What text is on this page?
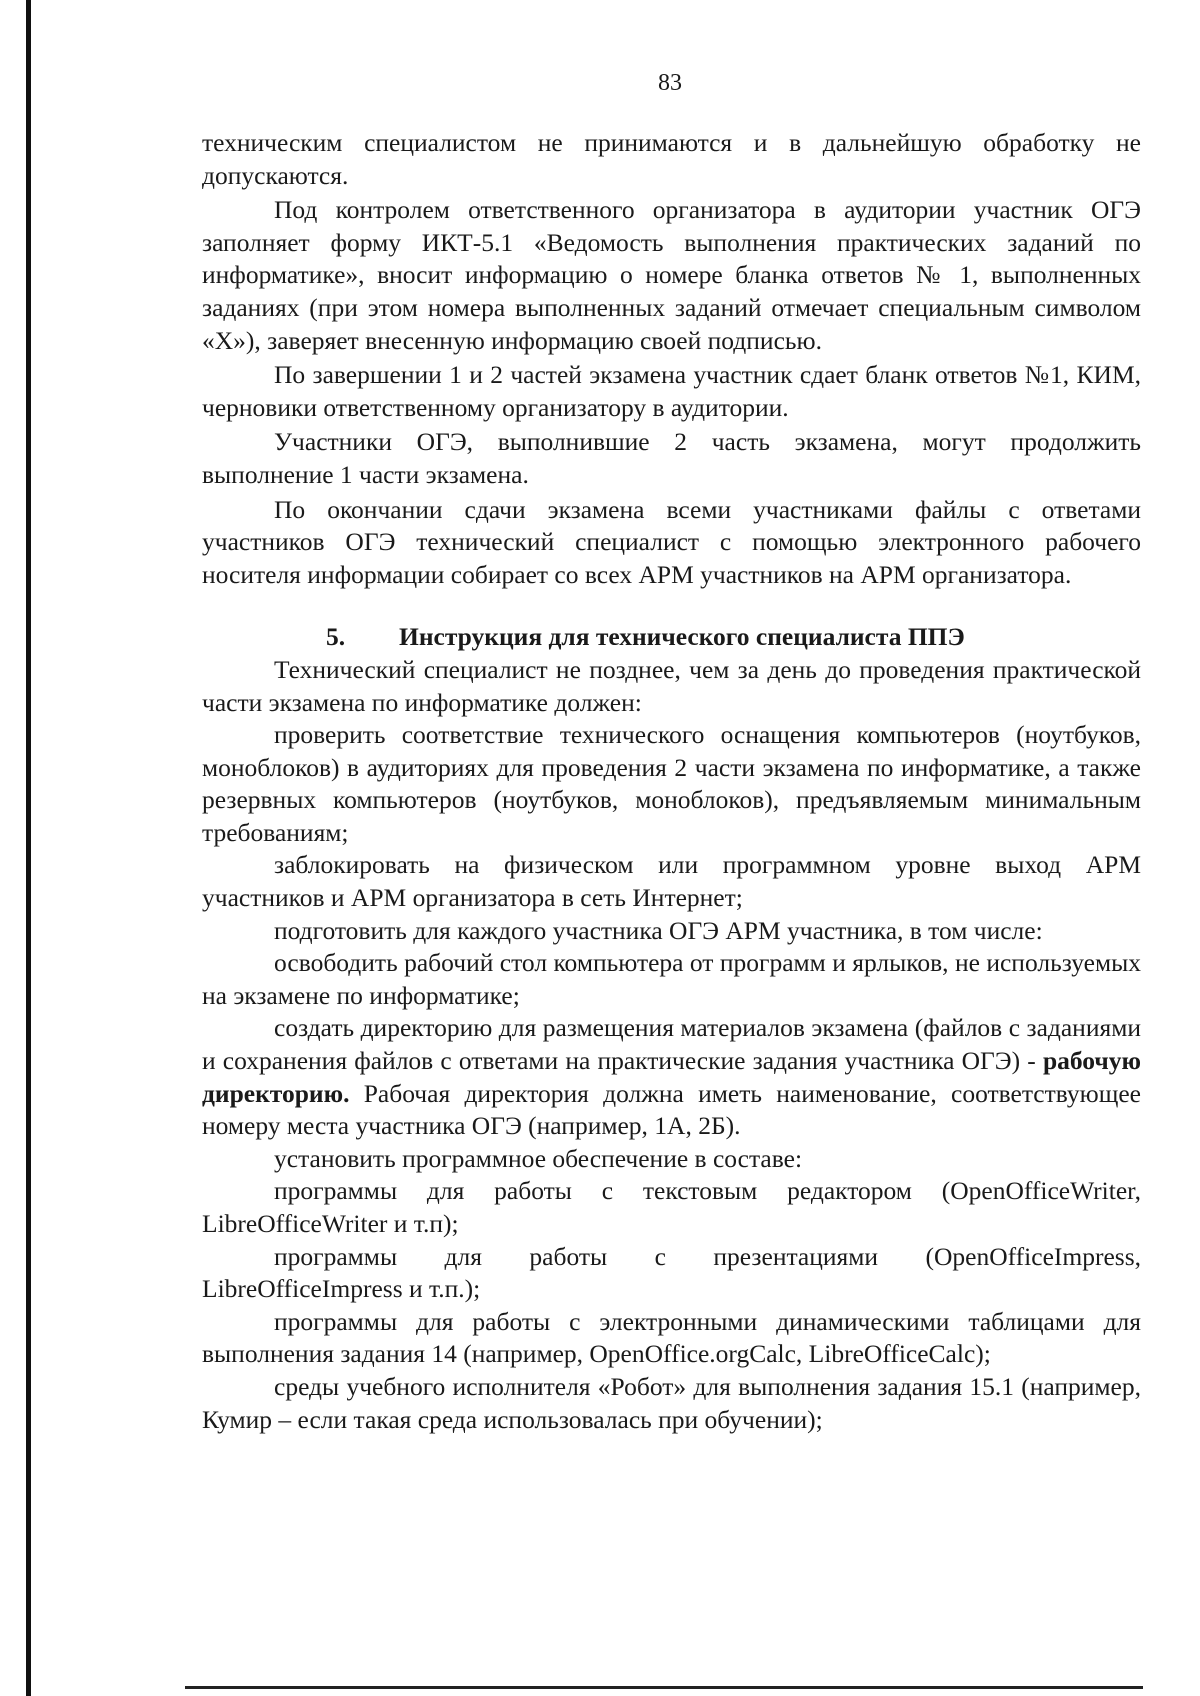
83

техническим специалистом не принимаются и в дальнейшую обработку не допускаются.

Под контролем ответственного организатора в аудитории участник ОГЭ заполняет форму ИКТ-5.1 «Ведомость выполнения практических заданий по информатике», вносит информацию о номере бланка ответов № 1, выполненных заданиях (при этом номера выполненных заданий отмечает специальным символом «X»), заверяет внесенную информацию своей подписью.

По завершении 1 и 2 частей экзамена участник сдает бланк ответов №1, КИМ, черновики ответственному организатору в аудитории.

Участники ОГЭ, выполнившие 2 часть экзамена, могут продолжить выполнение 1 части экзамена.

По окончании сдачи экзамена всеми участниками файлы с ответами участников ОГЭ технический специалист с помощью электронного рабочего носителя информации собирает со всех АРМ участников на АРМ организатора.

5. Инструкция для технического специалиста ППЭ

Технический специалист не позднее, чем за день до проведения практической части экзамена по информатике должен:

проверить соответствие технического оснащения компьютеров (ноутбуков, моноблоков) в аудиториях для проведения 2 части экзамена по информатике, а также резервных компьютеров (ноутбуков, моноблоков), предъявляемым минимальным требованиям;

заблокировать на физическом или программном уровне выход АРМ участников и АРМ организатора в сеть Интернет;

подготовить для каждого участника ОГЭ АРМ участника, в том числе:

освободить рабочий стол компьютера от программ и ярлыков, не используемых на экзамене по информатике;

создать директорию для размещения материалов экзамена (файлов с заданиями и сохранения файлов с ответами на практические задания участника ОГЭ) - рабочую директорию. Рабочая директория должна иметь наименование, соответствующее номеру места участника ОГЭ (например, 1А, 2Б).

установить программное обеспечение в составе:

программы для работы с текстовым редактором (OpenOfficeWriter, LibreOfficeWriter и т.п);

программы для работы с презентациями (OpenOfficeImpress, LibreOfficeImpress и т.п.);

программы для работы с электронными динамическими таблицами для выполнения задания 14 (например, OpenOffice.orgCalc, LibreOfficeCalc);

среды учебного исполнителя «Робот» для выполнения задания 15.1 (например, Кумир – если такая среда использовалась при обучении);
